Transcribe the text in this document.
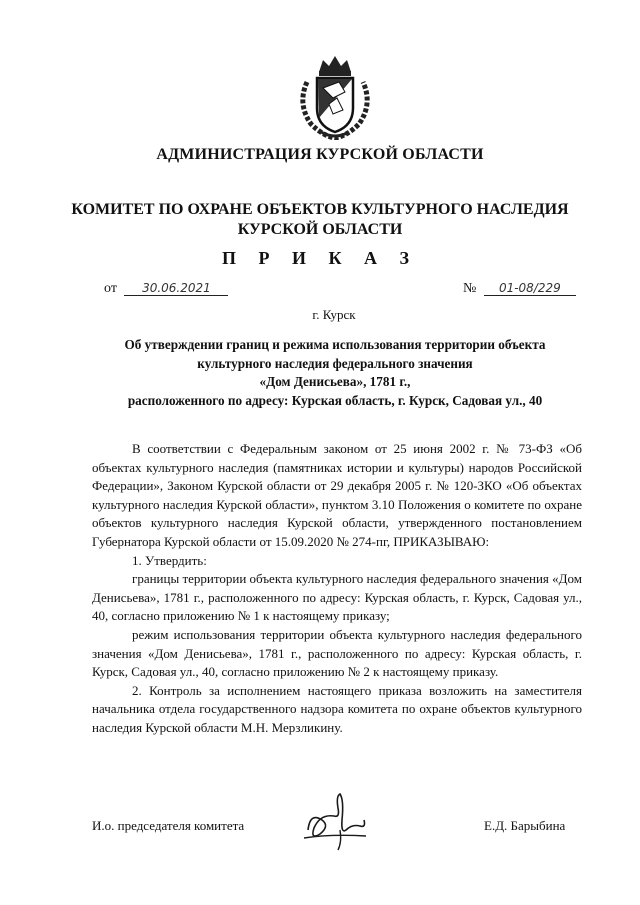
АДМИНИСТРАЦИЯ КУРСКОЙ ОБЛАСТИ
КОМИТЕТ ПО ОХРАНЕ ОБЪЕКТОВ КУЛЬТУРНОГО НАСЛЕДИЯ
КУРСКОЙ ОБЛАСТИ
П Р И К А З
от 30.06.2021	№ 01-08/229
г. Курск
Об утверждении границ и режима использования территории объекта
культурного наследия федерального значения
«Дом Денисьева», 1781 г.,
расположенного по адресу: Курская область, г. Курск, Садовая ул., 40

В соответствии с Федеральным законом от 25 июня 2002 г. № 73-ФЗ «Об объектах культурного наследия (памятниках истории и культуры) народов Российской Федерации», Законом Курской области от 29 декабря 2005 г. № 120-ЗКО «Об объектах культурного наследия Курской области», пунктом 3.10 Положения о комитете по охране объектов культурного наследия Курской области, утвержденного постановлением Губернатора Курской области от 15.09.2020 № 274-пг, ПРИКАЗЫВАЮ:

1. Утвердить:

границы территории объекта культурного наследия федерального значения «Дом Денисьева», 1781 г., расположенного по адресу: Курская область, г. Курск, Садовая ул., 40, согласно приложению № 1 к настоящему приказу;

режим использования территории объекта культурного наследия федерального значения «Дом Денисьева», 1781 г., расположенного по адресу: Курская область, г. Курск, Садовая ул., 40, согласно приложению № 2 к настоящему приказу.

2. Контроль за исполнением настоящего приказа возложить на заместителя начальника отдела государственного надзора комитета по охране объектов культурного наследия Курской области М.Н. Мерзликину.

И.о. председателя комитета	Е.Д. Барыбина
